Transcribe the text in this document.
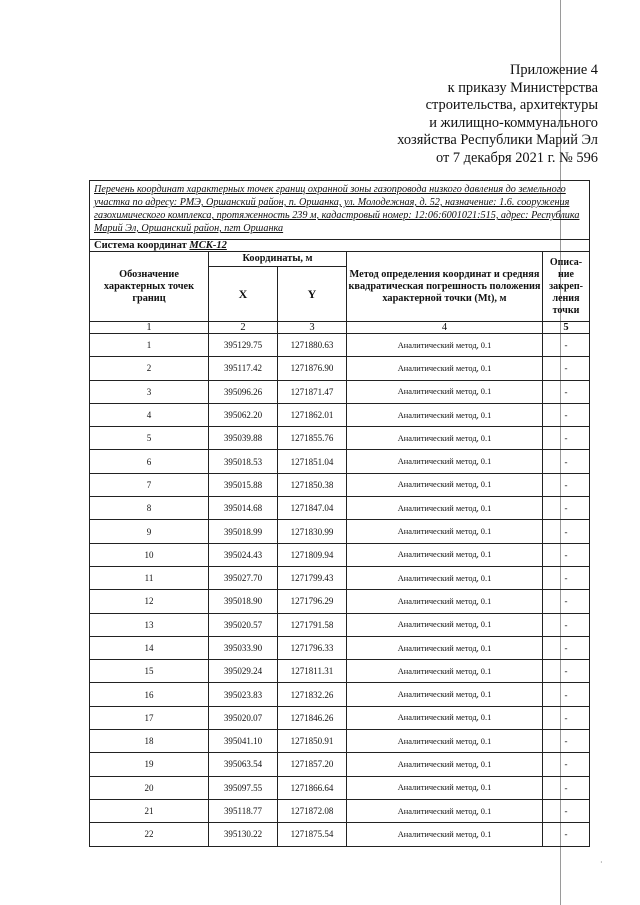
Приложение 4
к приказу Министерства
строительства, архитектуры
и жилищно-коммунального
хозяйства Республики Марий Эл
от 7 декабря 2021 г. № 596
Перечень координат характерных точек границ охранной зоны газопровода низкого давления до земельного участка по адресу: РМЭ, Оршанский район, п. Оршанка, ул. Молодежная, д. 52, назначение: 1.6. сооружения газохимического комплекса, протяженность 239 м, кадастровый номер: 12:06:6001021:515, адрес: Республика Марий Эл, Оршанский район, пгт Оршанка				
Система координат МСК-12				
Обозначение характерных точек границ	Координаты, м		Метод определения координат и средняя квадратическая погрешность положения характерной точки (Mt), м	Описа-ние закреп-ления точки
	X	Y		
1	2	3	4	5
1	395129.75	1271880.63	Аналитический метод, 0.1	-
2	395117.42	1271876.90	Аналитический метод, 0.1	-
3	395096.26	1271871.47	Аналитический метод, 0.1	-
4	395062.20	1271862.01	Аналитический метод, 0.1	-
5	395039.88	1271855.76	Аналитический метод, 0.1	-
6	395018.53	1271851.04	Аналитический метод, 0.1	-
7	395015.88	1271850.38	Аналитический метод, 0.1	-
8	395014.68	1271847.04	Аналитический метод, 0.1	-
9	395018.99	1271830.99	Аналитический метод, 0.1	-
10	395024.43	1271809.94	Аналитический метод, 0.1	-
11	395027.70	1271799.43	Аналитический метод, 0.1	-
12	395018.90	1271796.29	Аналитический метод, 0.1	-
13	395020.57	1271791.58	Аналитический метод, 0.1	-
14	395033.90	1271796.33	Аналитический метод, 0.1	-
15	395029.24	1271811.31	Аналитический метод, 0.1	-
16	395023.83	1271832.26	Аналитический метод, 0.1	-
17	395020.07	1271846.26	Аналитический метод, 0.1	-
18	395041.10	1271850.91	Аналитический метод, 0.1	-
19	395063.54	1271857.20	Аналитический метод, 0.1	-
20	395097.55	1271866.64	Аналитический метод, 0.1	-
21	395118.77	1271872.08	Аналитический метод, 0.1	-
22	395130.22	1271875.54	Аналитический метод, 0.1	-
·
